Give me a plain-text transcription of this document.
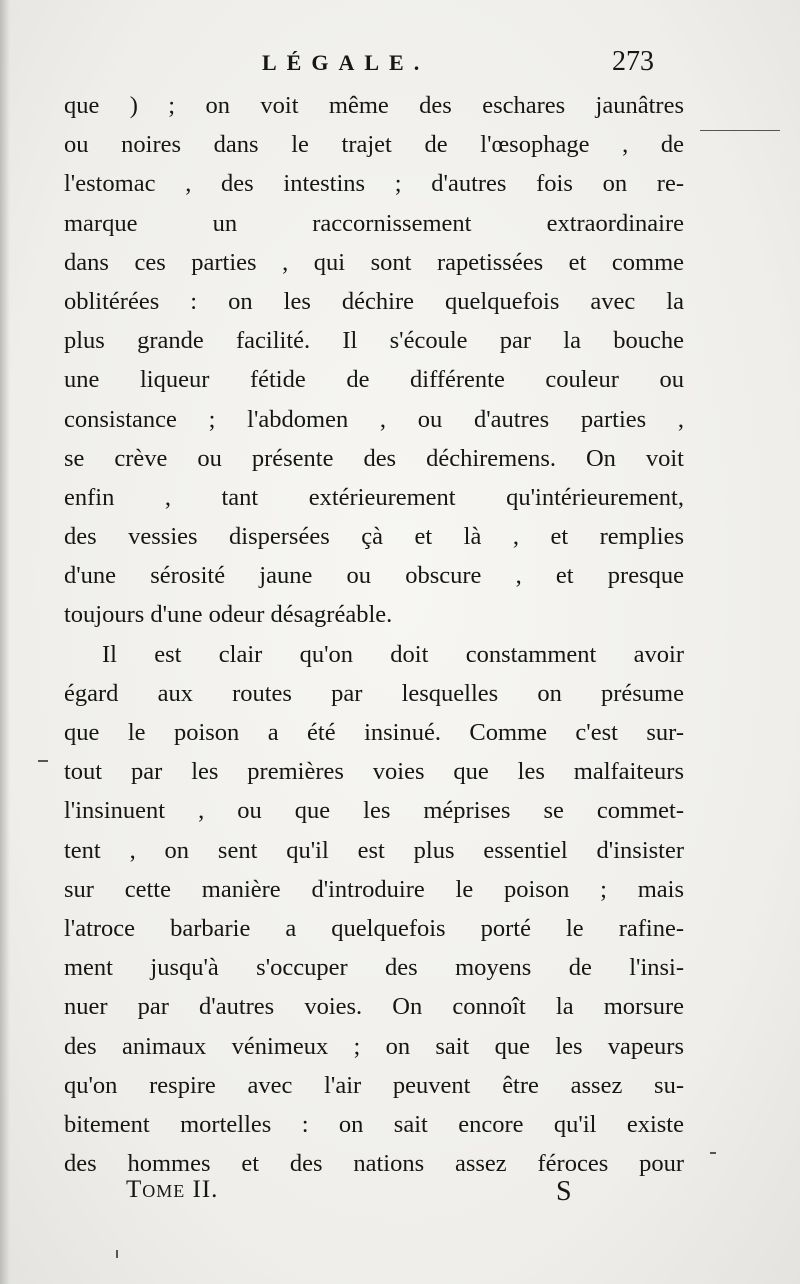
LÉGALE.	273
que ) ; on voit même des eschares jaunâtres
ou noires dans le trajet de l'œsophage , de
l'estomac , des intestins ; d'autres fois on re-
marque un raccornissement extraordinaire
dans ces parties , qui sont rapetissées et comme
oblitérées : on les déchire quelquefois avec la
plus grande facilité. Il s'écoule par la bouche
une liqueur fétide de différente couleur ou
consistance ; l'abdomen , ou d'autres parties ,
se crève ou présente des déchiremens. On voit
enfin , tant extérieurement qu'intérieurement,
des vessies dispersées çà et là , et remplies
d'une sérosité jaune ou obscure , et presque
toujours d'une odeur désagréable.
Il est clair qu'on doit constamment avoir
égard aux routes par lesquelles on présume
que le poison a été insinué. Comme c'est sur-
tout par les premières voies que les malfaiteurs
l'insinuent , ou que les méprises se commet-
tent , on sent qu'il est plus essentiel d'insister
sur cette manière d'introduire le poison ; mais
l'atroce barbarie a quelquefois porté le rafine-
ment jusqu'à s'occuper des moyens de l'insi-
nuer par d'autres voies. On connoît la morsure
des animaux vénimeux ; on sait que les vapeurs
qu'on respire avec l'air peuvent être assez su-
bitement mortelles : on sait encore qu'il existe
des hommes et des nations assez féroces pour
Tome II.	S
